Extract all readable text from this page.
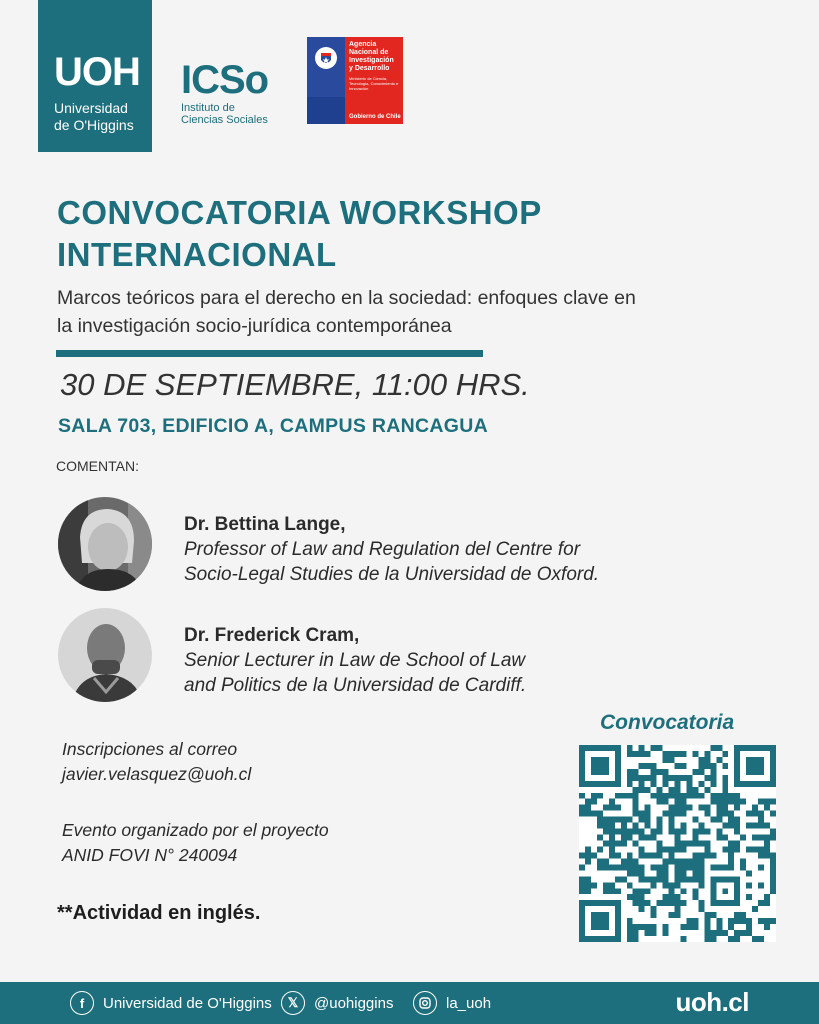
UOH
Universidad
de O'Higgins
ICSo
Instituto de
Ciencias Sociales
Agencia Nacional de Investigación y Desarrollo
Ministerio de Ciencia, Tecnología, Conocimiento e Innovación
Gobierno de Chile
CONVOCATORIA WORKSHOP
INTERNACIONAL
Marcos teóricos para el derecho en la sociedad: enfoques clave en
la investigación socio-jurídica contemporánea
30 DE SEPTIEMBRE, 11:00 HRS.
SALA 703, EDIFICIO A, CAMPUS RANCAGUA
COMENTAN:
Dr. Bettina Lange,
Professor of Law and Regulation del Centre for
Socio-Legal Studies de la Universidad de Oxford.
Dr. Frederick Cram,
Senior Lecturer in Law de School of Law
and Politics de la Universidad de Cardiff.
Inscripciones al correo
javier.velasquez@uoh.cl
Evento organizado por el proyecto
ANID FOVI N° 240094
**Actividad en inglés.
Convocatoria
f	Universidad de O'Higgins	𝕏	@uohiggins	la_uoh	uoh.cl
